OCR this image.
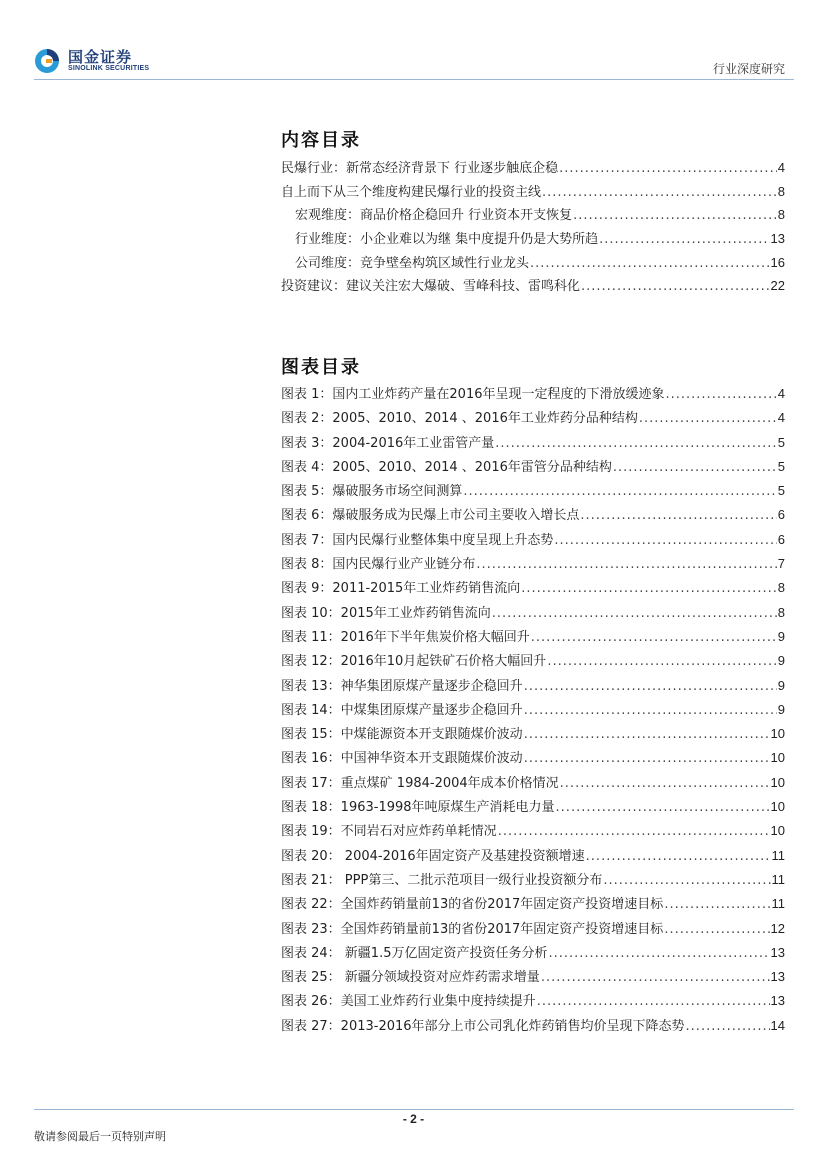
国金证券
SINOLINK SECURITIES	行业深度研究
内容目录
民爆行业：新常态经济背景下 行业逐步触底企稳 .....	4
自上而下从三个维度构建民爆行业的投资主线 .....	8
宏观维度：商品价格企稳回升 行业资本开支恢复 .....	8
行业维度：小企业难以为继 集中度提升仍是大势所趋 .....	13
公司维度：竞争壁垒构筑区域性行业龙头 .....	16
投资建议：建议关注宏大爆破、雪峰科技、雷鸣科化 .....	22
图表目录
图表 1：国内工业炸药产量在2016年呈现一定程度的下滑放缓迹象 .....	4
图表 2：2005、2010、2014 、2016年工业炸药分品种结构 .....	4
图表 3：2004-2016年工业雷管产量 .....	5
图表 4：2005、2010、2014 、2016年雷管分品种结构 .....	5
图表 5：爆破服务市场空间测算 .....	5
图表 6：爆破服务成为民爆上市公司主要收入增长点 .....	6
图表 7：国内民爆行业整体集中度呈现上升态势 .....	6
图表 8：国内民爆行业产业链分布 .....	7
图表 9：2011-2015年工业炸药销售流向 .....	8
图表 10：2015年工业炸药销售流向 .....	8
图表 11：2016年下半年焦炭价格大幅回升 .....	9
图表 12：2016年10月起铁矿石价格大幅回升 .....	9
图表 13：神华集团原煤产量逐步企稳回升 .....	9
图表 14：中煤集团原煤产量逐步企稳回升 .....	9
图表 15：中煤能源资本开支跟随煤价波动 .....	10
图表 16：中国神华资本开支跟随煤价波动 .....	10
图表 17：重点煤矿 1984-2004年成本价格情况 .....	10
图表 18：1963-1998年吨原煤生产消耗电力量 .....	10
图表 19：不同岩石对应炸药单耗情况 .....	10
图表 20： 2004-2016年固定资产及基建投资额增速 .....	11
图表 21： PPP第三、二批示范项目一级行业投资额分布 .....	11
图表 22：全国炸药销量前13的省份2017年固定资产投资增速目标 .....	11
图表 23：全国炸药销量前13的省份2017年固定资产投资增速目标 .....	12
图表 24： 新疆1.5万亿固定资产投资任务分析 .....	13
图表 25： 新疆分领域投资对应炸药需求增量 .....	13
图表 26：美国工业炸药行业集中度持续提升 .....	13
图表 27：2013-2016年部分上市公司乳化炸药销售均价呈现下降态势 .....	14
- 2 -
敬请参阅最后一页特别声明
